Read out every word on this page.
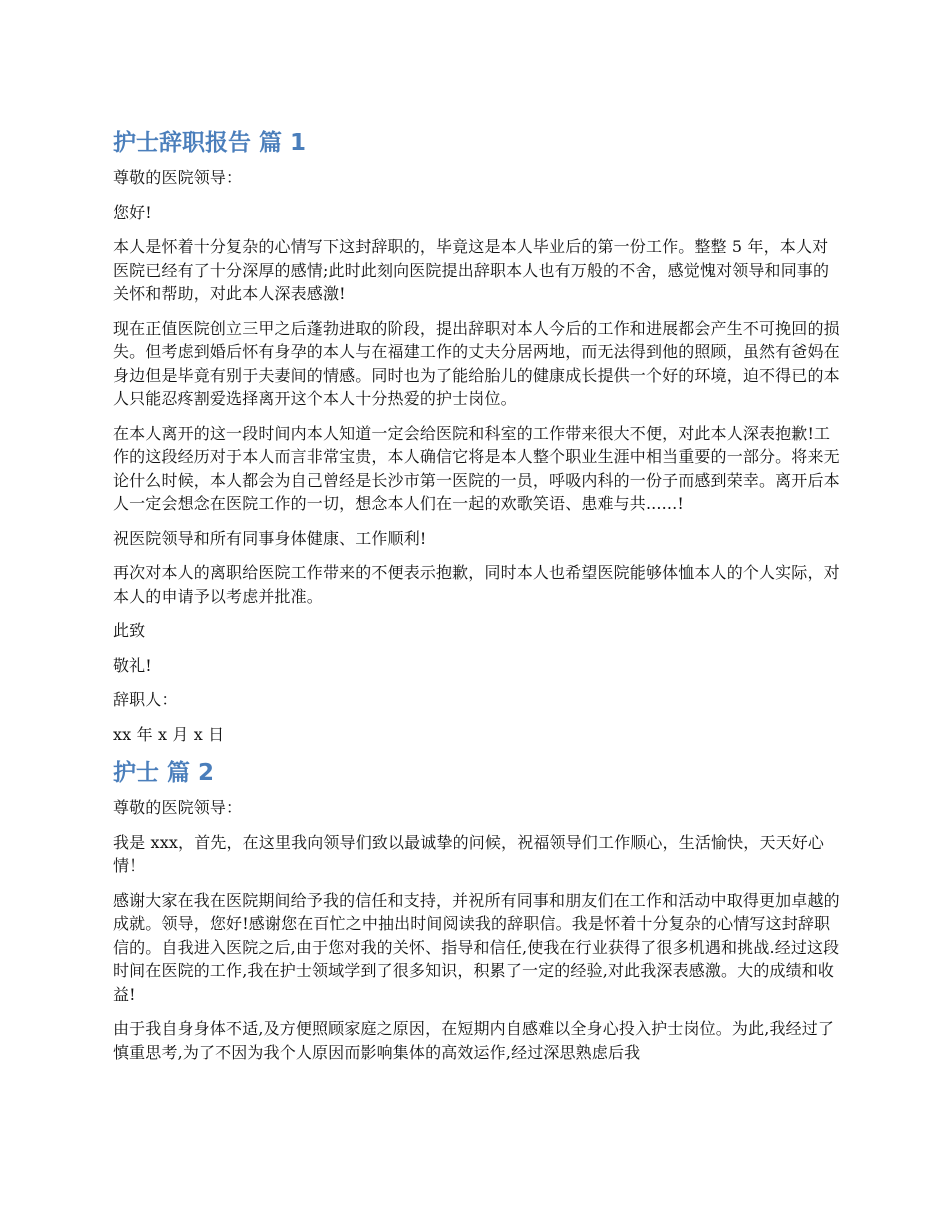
护士辞职报告 篇 1

尊敬的医院领导：

您好!

本人是怀着十分复杂的心情写下这封辞职的，毕竟这是本人毕业后的第一份工作。整整 5 年，本人对医院已经有了十分深厚的感情;此时此刻向医院提出辞职本人也有万般的不舍，感觉愧对领导和同事的关怀和帮助，对此本人深表感激!

现在正值医院创立三甲之后蓬勃进取的阶段，提出辞职对本人今后的工作和进展都会产生不可挽回的损失。但考虑到婚后怀有身孕的本人与在福建工作的丈夫分居两地，而无法得到他的照顾，虽然有爸妈在身边但是毕竟有别于夫妻间的情感。同时也为了能给胎儿的健康成长提供一个好的环境，迫不得已的本人只能忍疼割爱选择离开这个本人十分热爱的护士岗位。

在本人离开的这一段时间内本人知道一定会给医院和科室的工作带来很大不便，对此本人深表抱歉!工作的这段经历对于本人而言非常宝贵，本人确信它将是本人整个职业生涯中相当重要的一部分。将来无论什么时候，本人都会为自己曾经是长沙市第一医院的一员，呼吸内科的一份子而感到荣幸。离开后本人一定会想念在医院工作的一切，想念本人们在一起的欢歌笑语、患难与共......!

祝医院领导和所有同事身体健康、工作顺利!

再次对本人的离职给医院工作带来的不便表示抱歉，同时本人也希望医院能够体恤本人的个人实际，对本人的申请予以考虑并批准。

此致

敬礼!

辞职人：

xx 年 x 月 x 日

护士 篇 2

尊敬的医院领导：

我是 xxx，首先，在这里我向领导们致以最诚挚的问候，祝福领导们工作顺心，生活愉快，天天好心情！

感谢大家在我在医院期间给予我的信任和支持，并祝所有同事和朋友们在工作和活动中取得更加卓越的成就。领导，您好!感谢您在百忙之中抽出时间阅读我的辞职信。我是怀着十分复杂的心情写这封辞职信的。自我进入医院之后,由于您对我的关怀、指导和信任,使我在行业获得了很多机遇和挑战.经过这段时间在医院的工作,我在护士领域学到了很多知识，积累了一定的经验,对此我深表感激。大的成绩和收益!

由于我自身身体不适,及方便照顾家庭之原因，在短期内自感难以全身心投入护士岗位。为此,我经过了慎重思考,为了不因为我个人原因而影响集体的高效运作,经过深思熟虑后我
